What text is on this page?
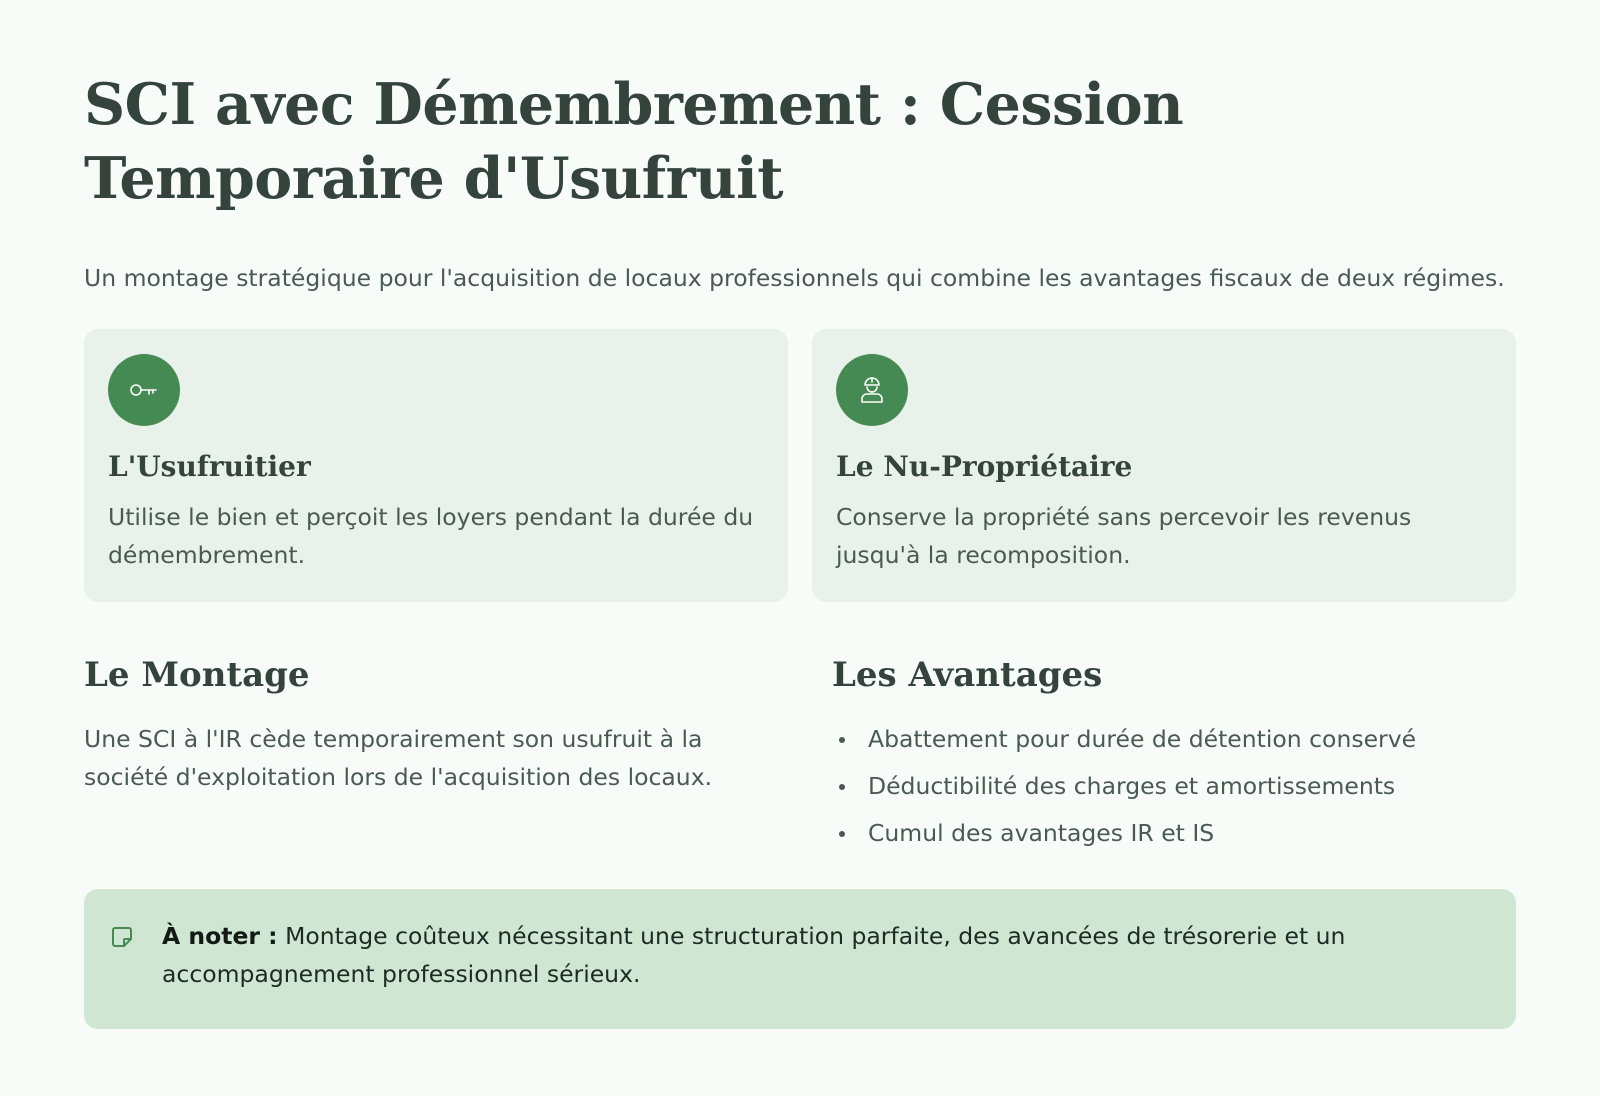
SCI avec Démembrement : Cession Temporaire d'Usufruit

Un montage stratégique pour l'acquisition de locaux professionnels qui combine les avantages fiscaux de deux régimes.

L'Usufruitier

Utilise le bien et perçoit les loyers pendant la durée du démembrement.

Le Nu-Propriétaire

Conserve la propriété sans percevoir les revenus jusqu'à la recomposition.

Le Montage

Une SCI à l'IR cède temporairement son usufruit à la société d'exploitation lors de l'acquisition des locaux.

Les Avantages
Abattement pour durée de détention conservé
Déductibilité des charges et amortissements
Cumul des avantages IR et IS

À noter : Montage coûteux nécessitant une structuration parfaite, des avancées de trésorerie et un accompagnement professionnel sérieux.
